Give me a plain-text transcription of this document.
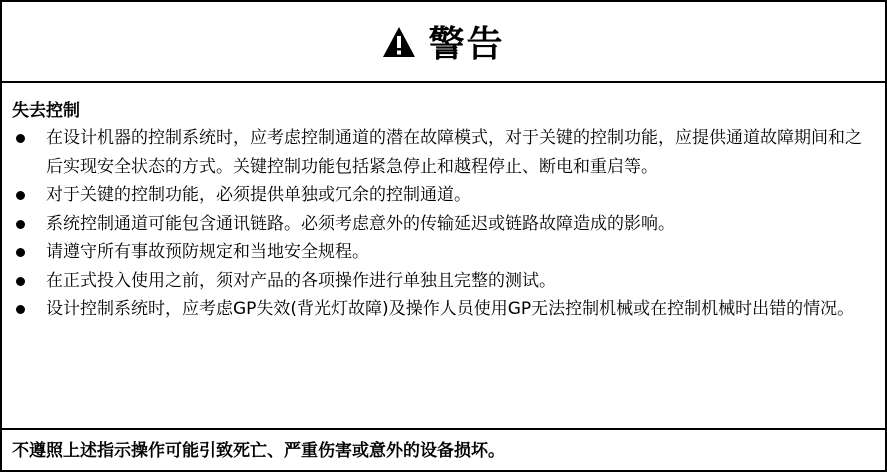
警告
失去控制
在设计机器的控制系统时，应考虑控制通道的潜在故障模式，对于关键的控制功能，应提供通道故障期间和之后实现安全状态的方式。关键控制功能包括紧急停止和越程停止、断电和重启等。
对于关键的控制功能，必须提供单独或冗余的控制通道。
系统控制通道可能包含通讯链路。必须考虑意外的传输延迟或链路故障造成的影响。
请遵守所有事故预防规定和当地安全规程。
在正式投入使用之前，须对产品的各项操作进行单独且完整的测试。
设计控制系统时，应考虑GP失效(背光灯故障)及操作人员使用GP无法控制机械或在控制机械时出错的情况。
不遵照上述指示操作可能引致死亡、严重伤害或意外的设备损坏。
